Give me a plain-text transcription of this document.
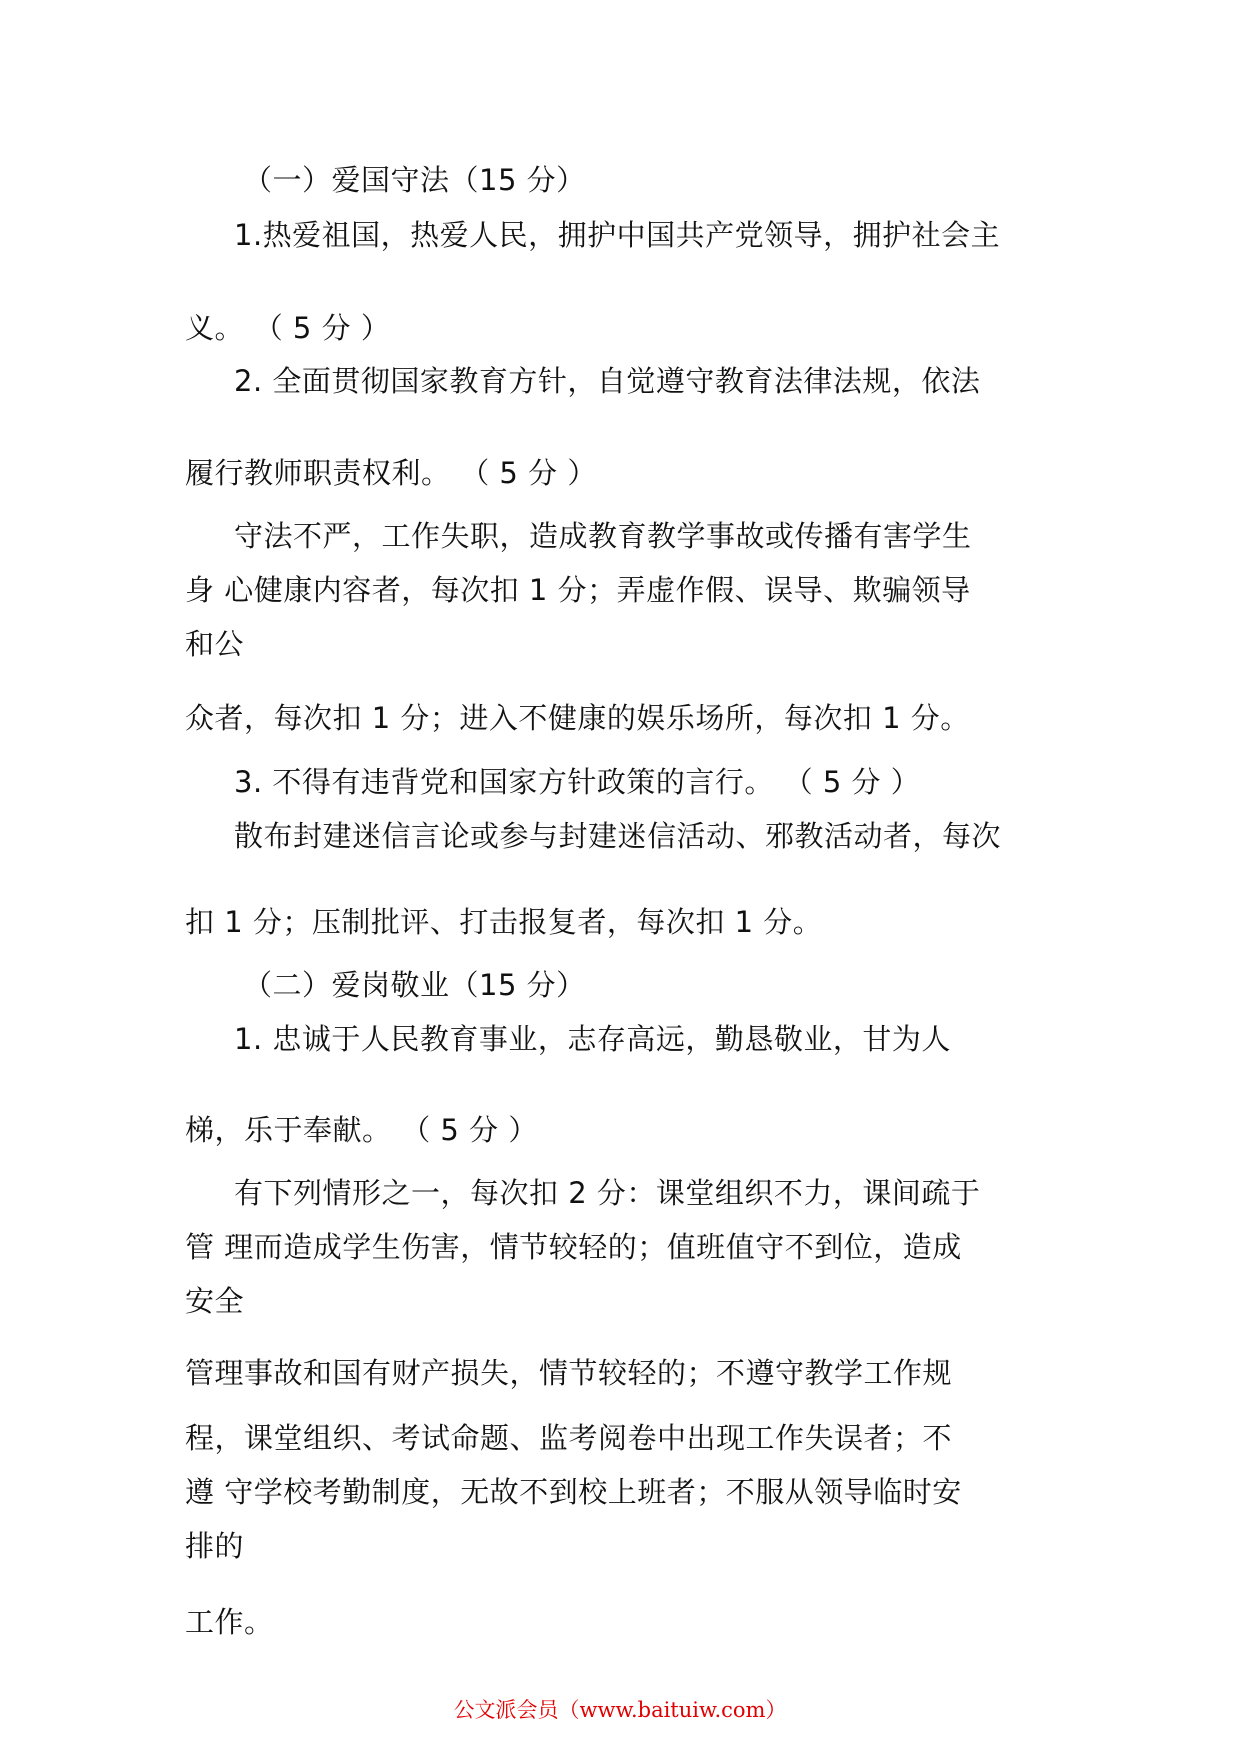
（一）爱国守法（15 分）
1.热爱祖国，热爱人民，拥护中国共产党领导，拥护社会主
义。 （ 5 分 ）
2. 全面贯彻国家教育方针，自觉遵守教育法律法规，依法
履行教师职责权利。 （ 5 分 ）
守法不严，工作失职，造成教育教学事故或传播有害学生
身 心健康内容者，每次扣 1 分；弄虚作假、误导、欺骗领导
和公
众者，每次扣 1 分；进入不健康的娱乐场所，每次扣 1 分。
3. 不得有违背党和国家方针政策的言行。 （ 5 分 ）
散布封建迷信言论或参与封建迷信活动、邪教活动者，每次
扣 1 分；压制批评、打击报复者，每次扣 1 分。
（二）爱岗敬业（15 分）
1. 忠诚于人民教育事业，志存高远，勤恳敬业，甘为人
梯，乐于奉献。 （ 5 分 ）
有下列情形之一，每次扣 2 分：课堂组织不力，课间疏于
管 理而造成学生伤害，情节较轻的；值班值守不到位，造成
安全
管理事故和国有财产损失，情节较轻的；不遵守教学工作规
程，课堂组织、考试命题、监考阅卷中出现工作失误者；不
遵 守学校考勤制度，无故不到校上班者；不服从领导临时安
排的
工作。
公文派会员（www.baituiw.com）
